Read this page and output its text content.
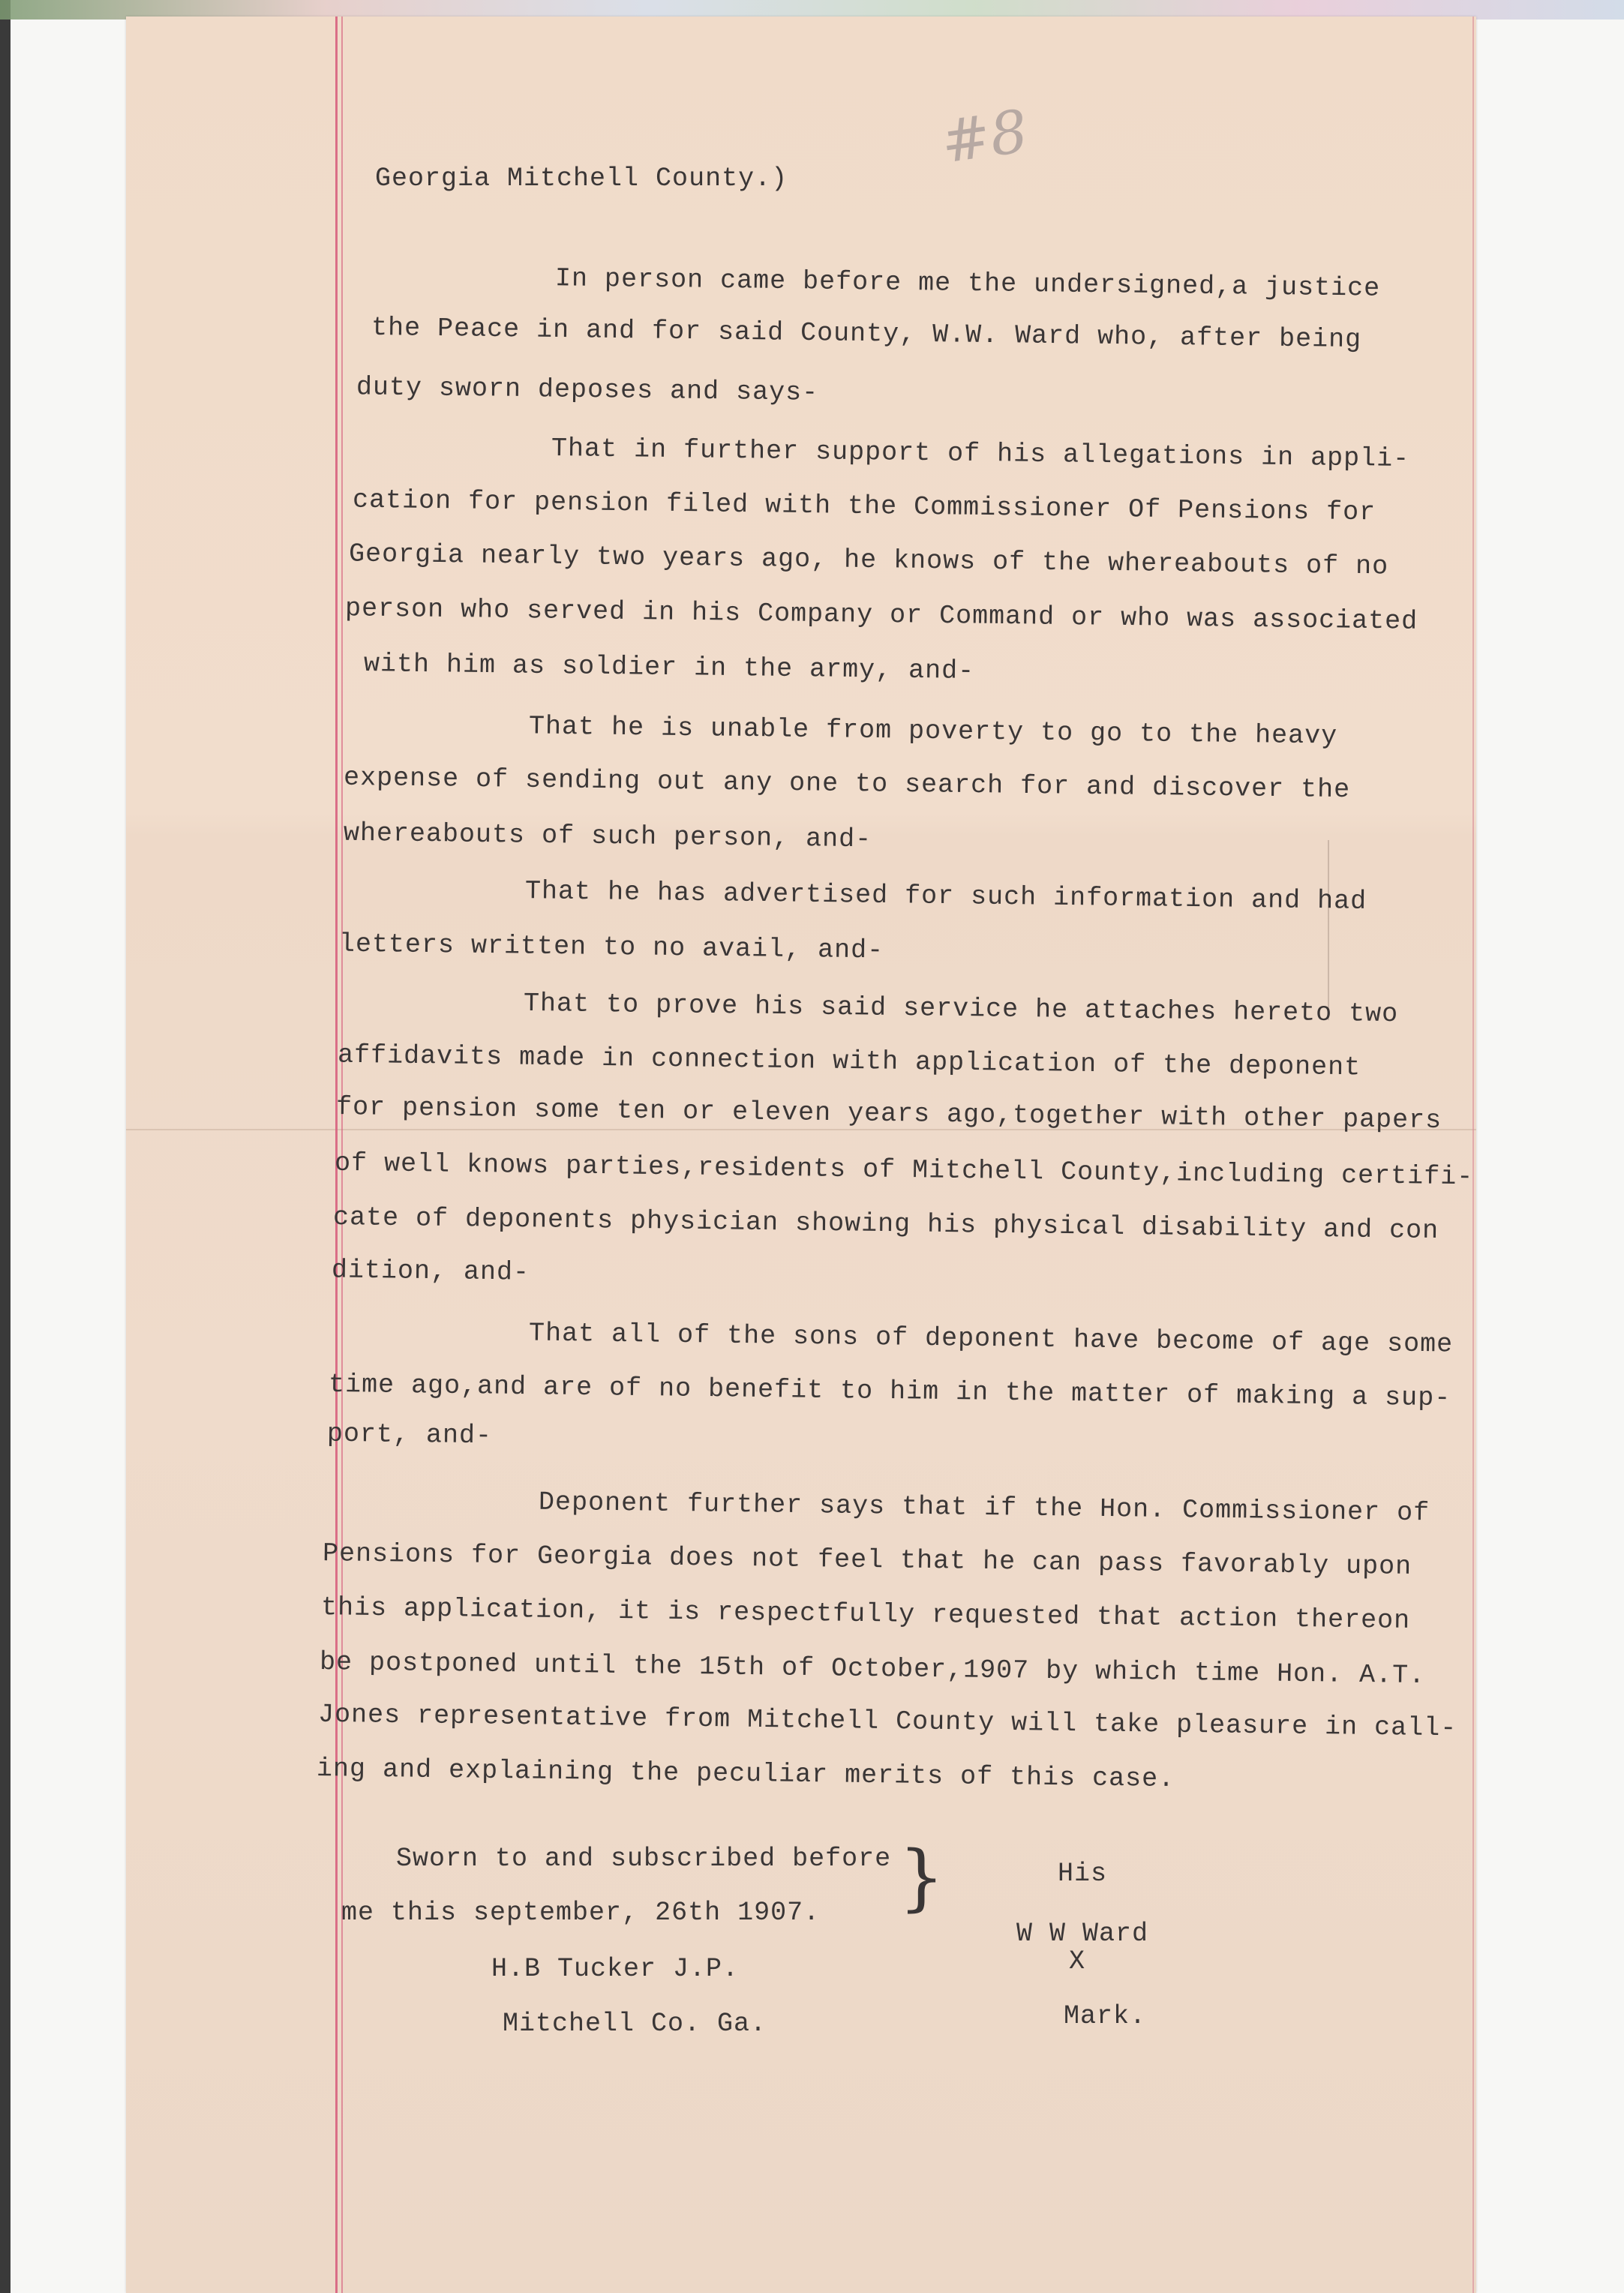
#8

Georgia Mitchell County.)

In person came before me the undersigned,a justice

the Peace in and for said County, W.W. Ward who, after being

duty sworn deposes and says-

That in further support of his allegations in appli-

cation for pension filed with the Commissioner Of Pensions for

Georgia nearly two years ago, he knows of the whereabouts of no

person who served in his Company or Command or who was associated

with him as soldier in the army, and-

That he is unable from poverty to go to the heavy

expense of sending out any one to search for and discover the

whereabouts of such person, and-

That he has advertised for such information and had

letters written to no avail, and-

That to prove his said service he attaches hereto two

affidavits made in connection with application of the deponent

for pension some ten or eleven years ago,together with other papers

of well knows parties,residents of Mitchell County,including certifi-

cate of deponents physician showing his physical disability and con

dition, and-

That all of the sons of deponent have become of age some

time ago,and are of no benefit to him in the matter of making a sup-

port, and-

Deponent further says that if the Hon. Commissioner of

Pensions for Georgia does not feel that he can pass favorably upon

this application, it is respectfully requested that action thereon

be postponed until the 15th of October,1907 by which time Hon. A.T.

Jones representative from Mitchell County will take pleasure in call-

ing and explaining the peculiar merits of this case.

Sworn to and subscribed before

me this september, 26th 1907.

H.B Tucker J.P.

Mitchell Co. Ga.

}	His

W W Ward

X

Mark.
